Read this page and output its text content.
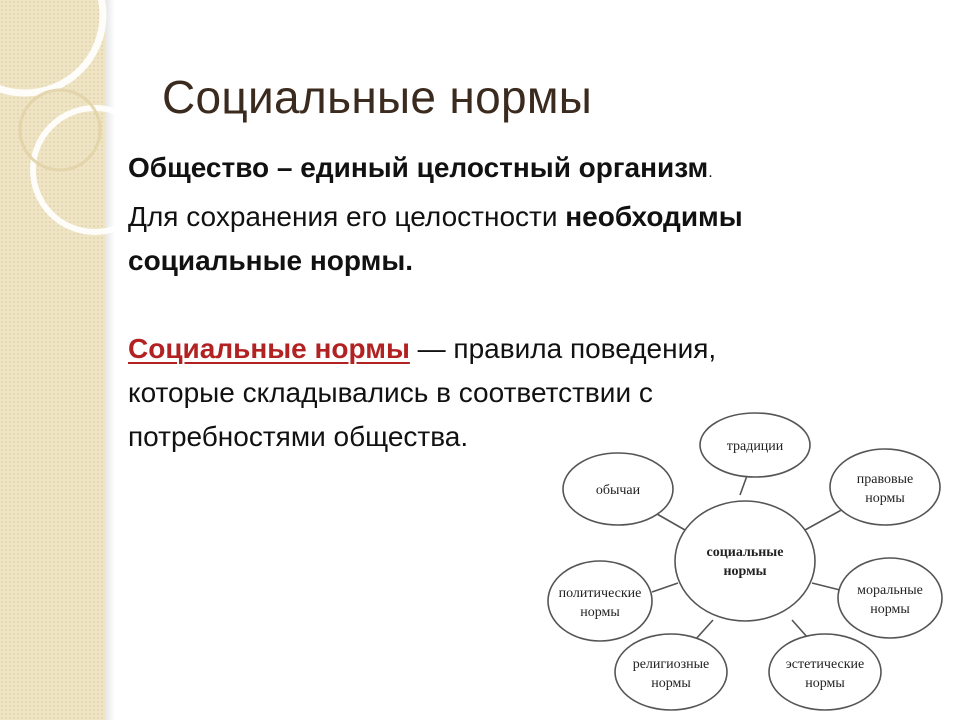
Социальные нормы

Общество – единый целостный организм.

Для сохранения его целостности необходимы

социальные нормы.

Социальные нормы — правила поведения,

которые складывались в соответствии с

потребностями общества.

социальные
нормы
традиции
обычаи
правовые
нормы
политические
нормы
моральные
нормы
религиозные
нормы
эстетические
нормы
